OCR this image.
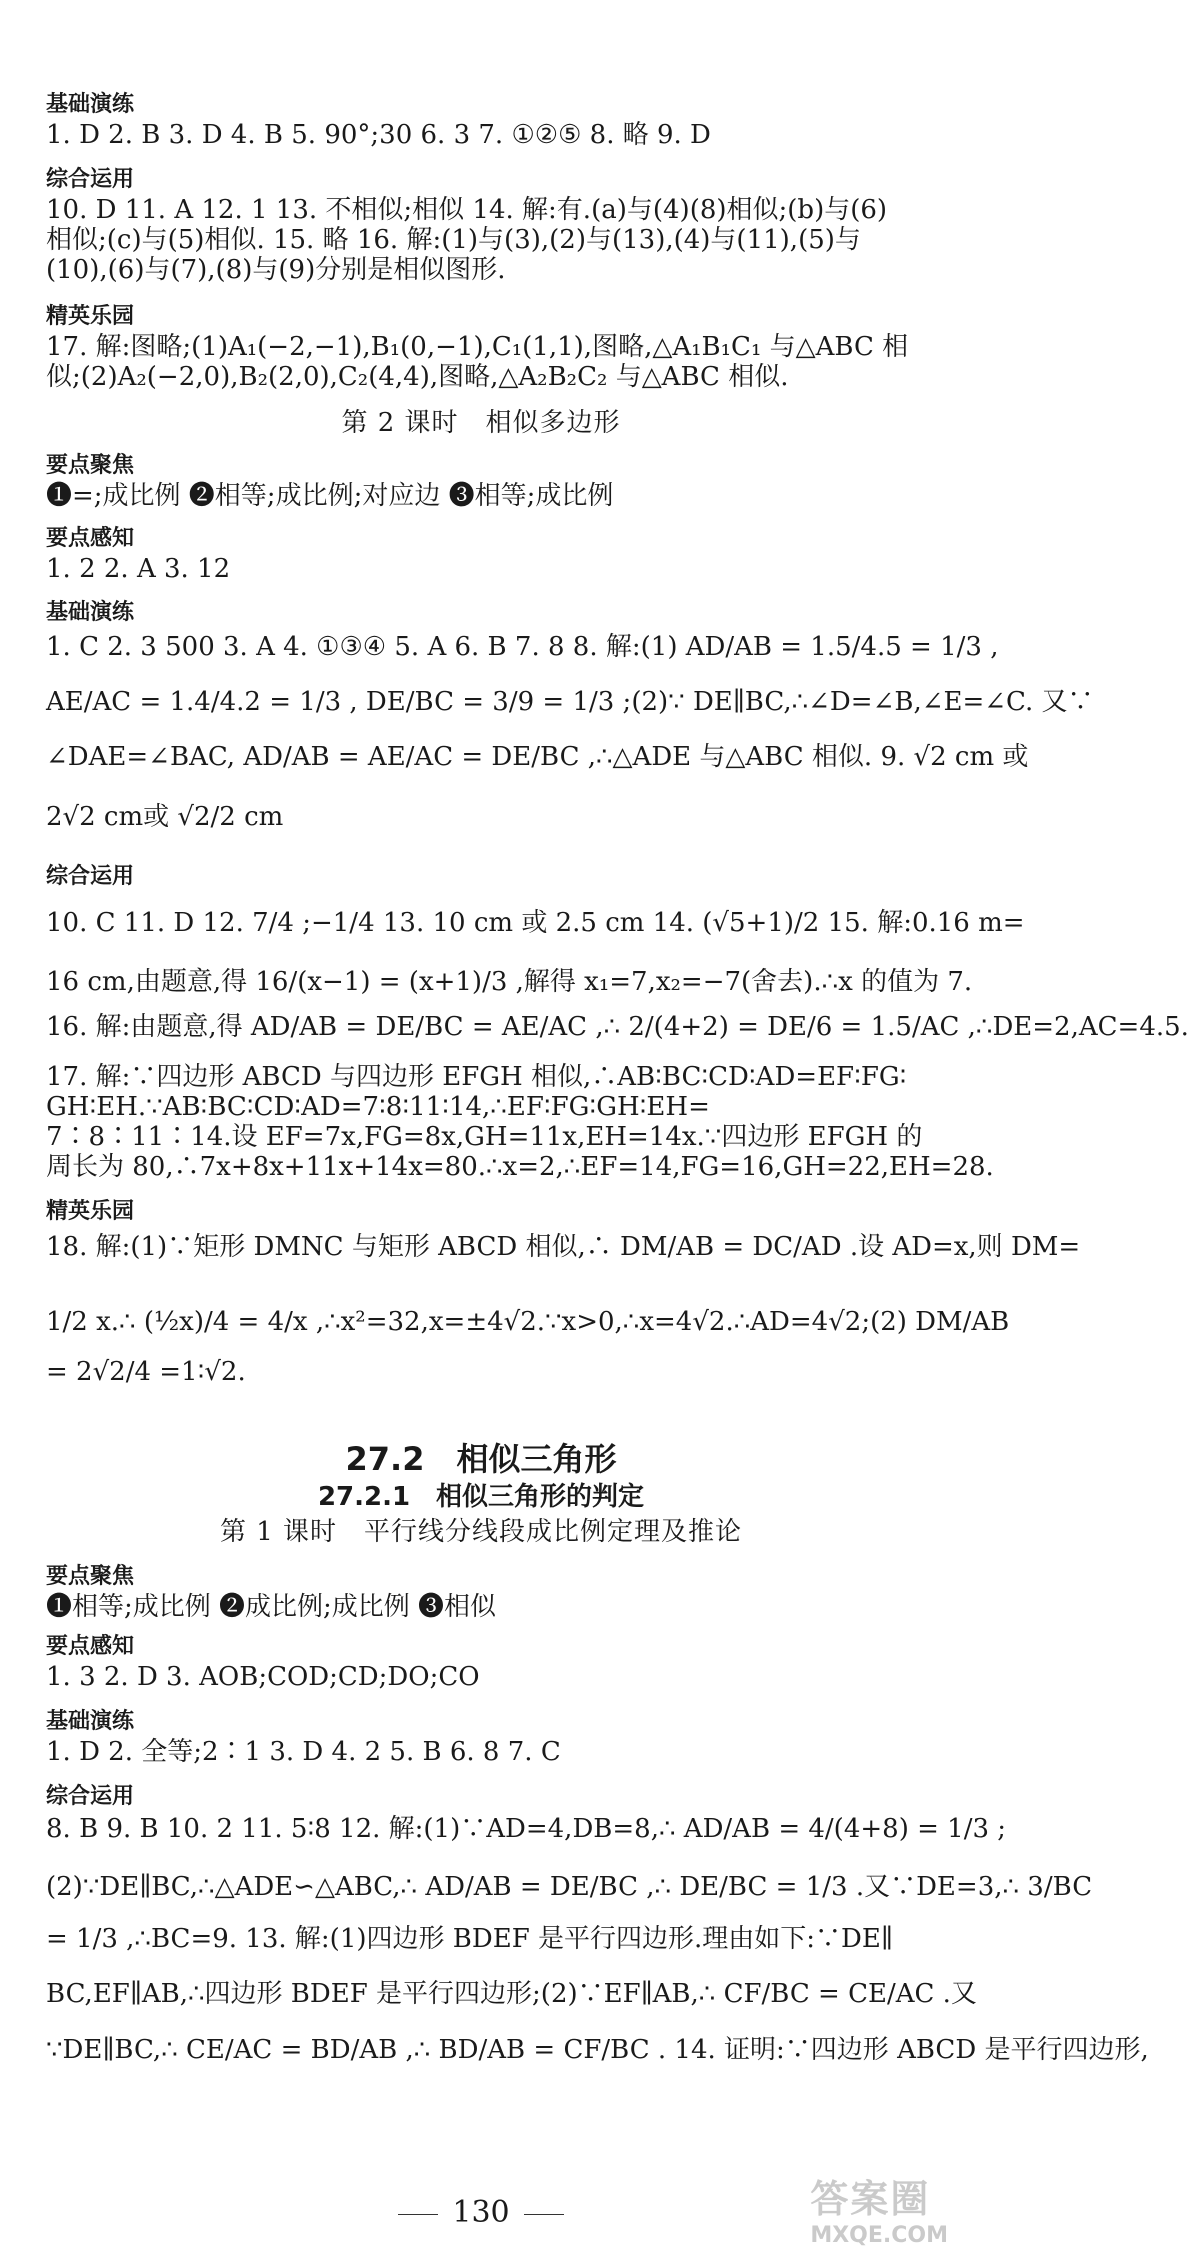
基础演练
1. D 2. B 3. D 4. B 5. 90°;30 6. 3 7. ①②⑤ 8. 略 9. D
综合运用
10. D 11. A 12. 1 13. 不相似;相似 14. 解:有.(a)与(4)(8)相似;(b)与(6)
相似;(c)与(5)相似. 15. 略 16. 解:(1)与(3),(2)与(13),(4)与(11),(5)与
(10),(6)与(7),(8)与(9)分别是相似图形.
精英乐园
17. 解:图略;(1)A₁(−2,−1),B₁(0,−1),C₁(1,1),图略,△A₁B₁C₁ 与△ABC 相
似;(2)A₂(−2,0),B₂(2,0),C₂(4,4),图略,△A₂B₂C₂ 与△ABC 相似.
第 2 课时　相似多边形
要点聚焦
❶=;成比例 ❷相等;成比例;对应边 ❸相等;成比例
要点感知
1. 2 2. A 3. 12
基础演练
1. C 2. 3 500 3. A 4. ①③④ 5. A 6. B 7. 8 8. 解:(1) AD/AB = 1.5/4.5 = 1/3 ,
AE/AC = 1.4/4.2 = 1/3 , DE/BC = 3/9 = 1/3 ;(2)∵ DE∥BC,∴∠D=∠B,∠E=∠C. 又∵
∠DAE=∠BAC, AD/AB = AE/AC = DE/BC ,∴△ADE 与△ABC 相似. 9. √2 cm 或
2√2 cm或 √2/2 cm
综合运用
10. C 11. D 12. 7/4 ;−1/4 13. 10 cm 或 2.5 cm 14. (√5+1)/2 15. 解:0.16 m=
16 cm,由题意,得 16/(x−1) = (x+1)/3 ,解得 x₁=7,x₂=−7(舍去).∴x 的值为 7.
16. 解:由题意,得 AD/AB = DE/BC = AE/AC ,∴ 2/(4+2) = DE/6 = 1.5/AC ,∴DE=2,AC=4.5.
17. 解:∵四边形 ABCD 与四边形 EFGH 相似,∴AB∶BC∶CD∶AD=EF∶FG∶
GH∶EH.∵AB∶BC∶CD∶AD=7∶8∶11∶14,∴EF∶FG∶GH∶EH=
7∶8∶11∶14.设 EF=7x,FG=8x,GH=11x,EH=14x.∵四边形 EFGH 的
周长为 80,∴7x+8x+11x+14x=80.∴x=2,∴EF=14,FG=16,GH=22,EH=28.
精英乐园
18. 解:(1)∵矩形 DMNC 与矩形 ABCD 相似,∴ DM/AB = DC/AD .设 AD=x,则 DM=
1/2 x.∴ (½x)/4 = 4/x ,∴x²=32,x=±4√2.∵x>0,∴x=4√2.∴AD=4√2;(2) DM/AB
= 2√2/4 =1∶√2.
27.2　相似三角形
27.2.1　相似三角形的判定
第 1 课时　平行线分线段成比例定理及推论
要点聚焦
❶相等;成比例 ❷成比例;成比例 ❸相似
要点感知
1. 3 2. D 3. AOB;COD;CD;DO;CO
基础演练
1. D 2. 全等;2∶1 3. D 4. 2 5. B 6. 8 7. C
综合运用
8. B 9. B 10. 2 11. 5∶8 12. 解:(1)∵AD=4,DB=8,∴ AD/AB = 4/(4+8) = 1/3 ;
(2)∵DE∥BC,∴△ADE∽△ABC,∴ AD/AB = DE/BC ,∴ DE/BC = 1/3 .又∵DE=3,∴ 3/BC
= 1/3 ,∴BC=9. 13. 解:(1)四边形 BDEF 是平行四边形.理由如下:∵DE∥
BC,EF∥AB,∴四边形 BDEF 是平行四边形;(2)∵EF∥AB,∴ CF/BC = CE/AC .又
∵DE∥BC,∴ CE/AC = BD/AB ,∴ BD/AB = CF/BC . 14. 证明:∵四边形 ABCD 是平行四边形,
130	答案圈
MXQE.COM
